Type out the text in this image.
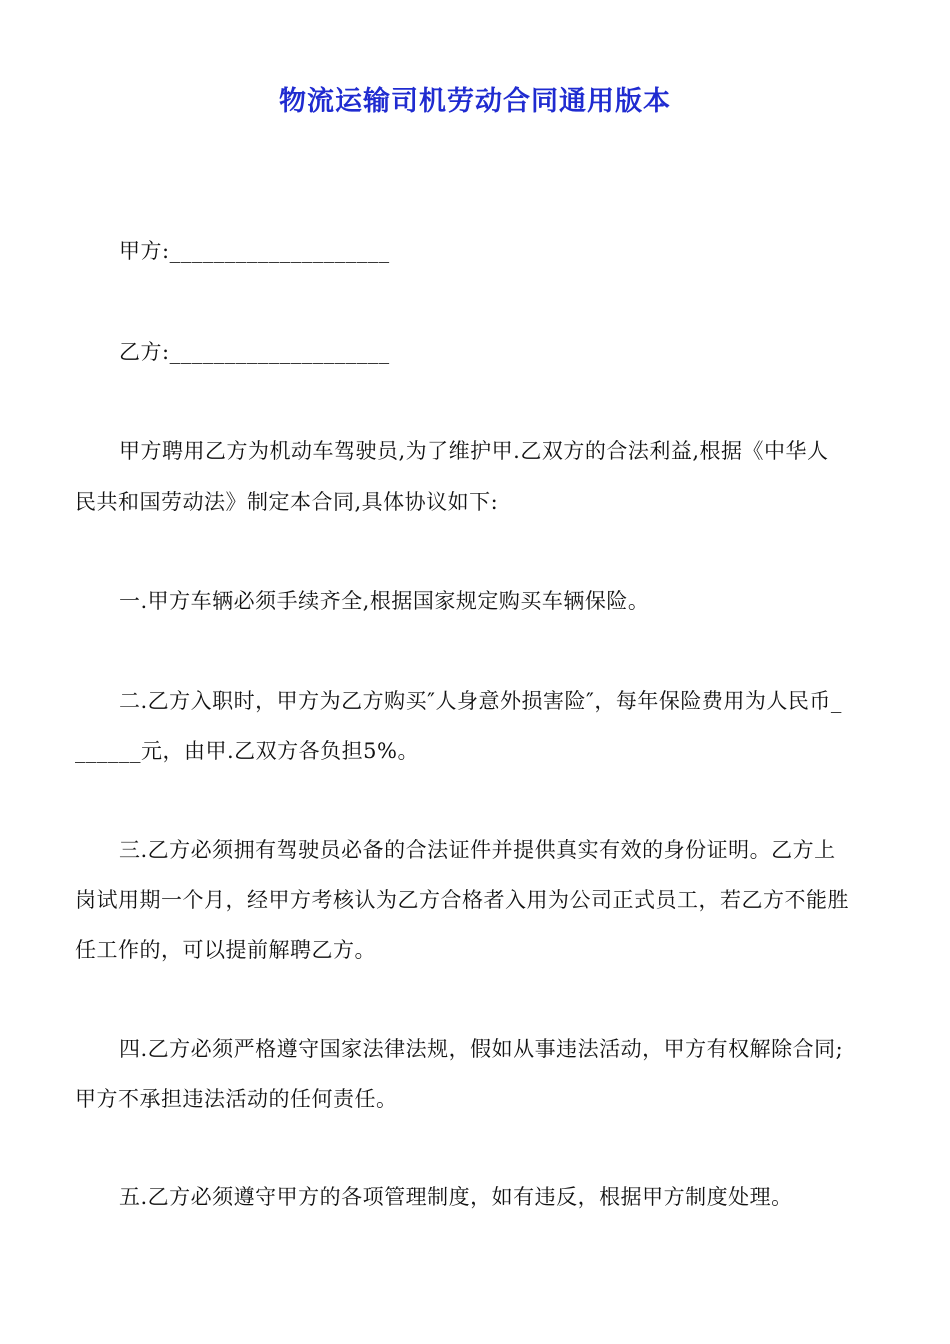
物流运输司机劳动合同通用版本
甲方:____________________
乙方:____________________
甲方聘用乙方为机动车驾驶员,为了维护甲.乙双方的合法利益,根据《中华人
民共和国劳动法》制定本合同,具体协议如下:
一.甲方车辆必须手续齐全,根据国家规定购买车辆保险。
二.乙方入职时，甲方为乙方购买″人身意外损害险″，每年保险费用为人民币_
______元，由甲.乙双方各负担5%。
三.乙方必须拥有驾驶员必备的合法证件并提供真实有效的身份证明。乙方上
岗试用期一个月，经甲方考核认为乙方合格者入用为公司正式员工，若乙方不能胜
任工作的，可以提前解聘乙方。
四.乙方必须严格遵守国家法律法规，假如从事违法活动，甲方有权解除合同;
甲方不承担违法活动的任何责任。
五.乙方必须遵守甲方的各项管理制度，如有违反，根据甲方制度处理。
